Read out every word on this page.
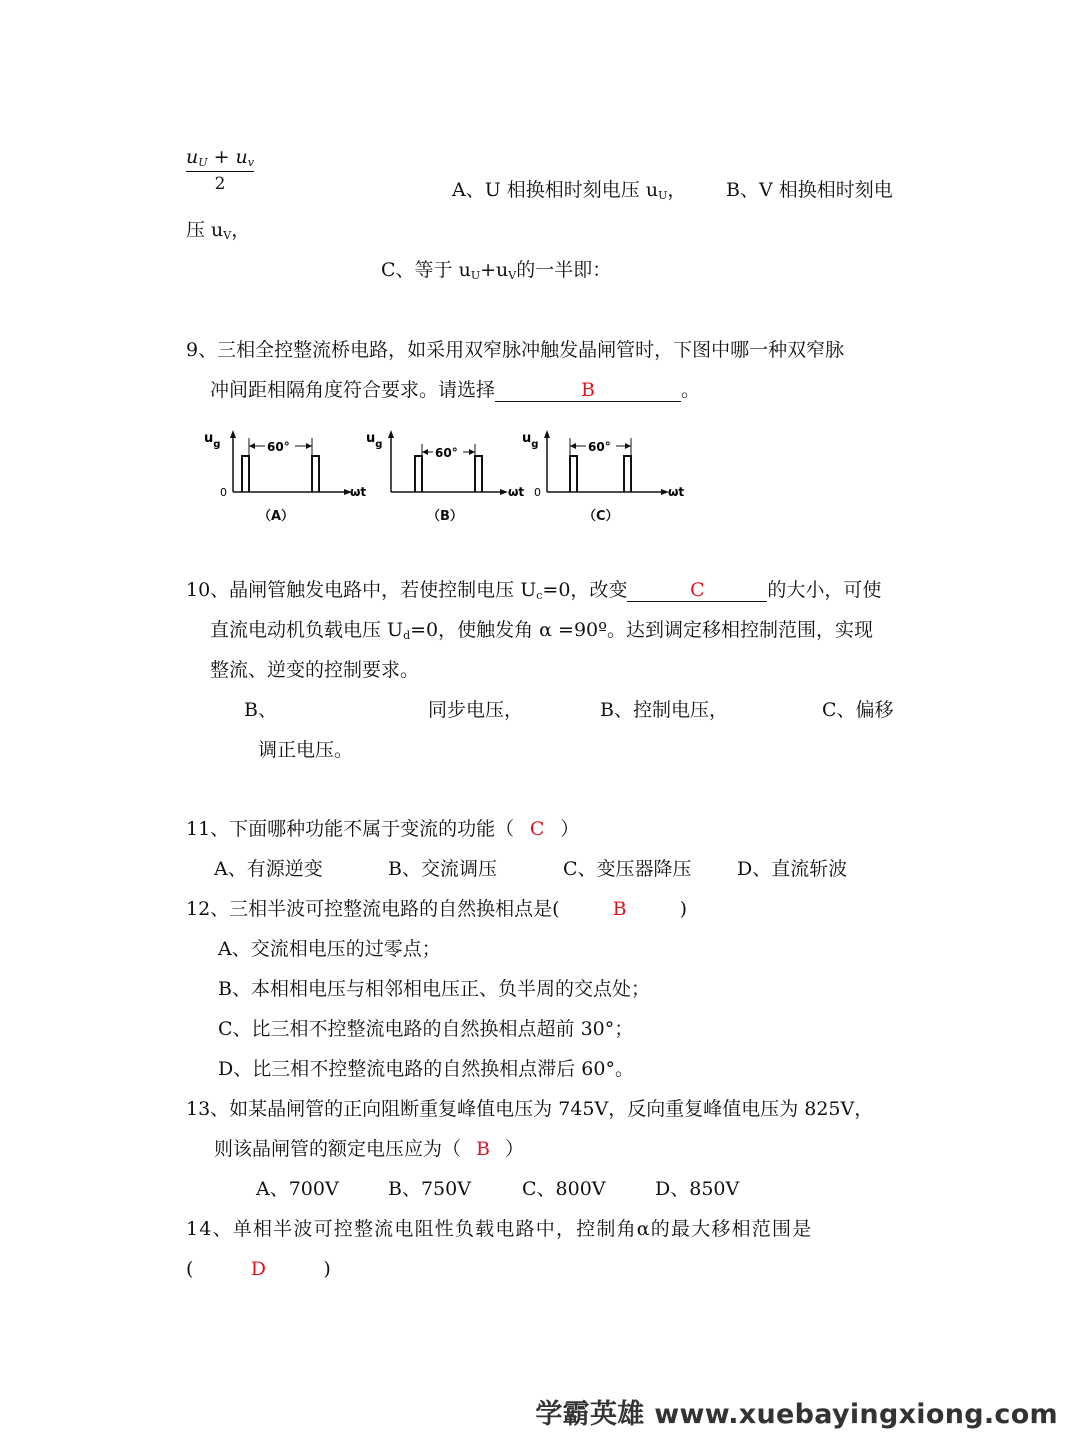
$\frac{u_U + u_v}{2}$	A、U 相换相时刻电压 $u_U$， B、V 相换相时刻电
压 $u_V$，
C、等于 $u_U+u_V$的一半即：
9、三相全控整流桥电路，如采用双窄脉冲触发晶闸管时，下图中哪一种双窄脉
冲间距相隔角度符合要求。请选择	B	。
$u_g$
0	ωt
60°
（A）
$u_g$
ωt
60°
（B）
$u_g$
0	ωt
60°
（C）
10、晶闸管触发电路中，若使控制电压 $U_c=0$，改变	C	的大小，可使
直流电动机负载电压 $U_d=0$，使触发角 α =90º。达到调定移相控制范围，实现
整流、逆变的控制要求。
B、	同步电压，	B、控制电压，	C、偏移
调正电压。
11、下面哪种功能不属于变流的功能（ C ）
A、有源逆变	B、交流调压	C、变压器降压 D、直流斩波
12、三相半波可控整流电路的自然换相点是(	B	)
A、交流相电压的过零点；
B、本相相电压与相邻相电压正、负半周的交点处；
C、比三相不控整流电路的自然换相点超前 30°；
D、比三相不控整流电路的自然换相点滞后 60°。
13、如某晶闸管的正向阻断重复峰值电压为 745V，反向重复峰值电压为 825V，
则该晶闸管的额定电压应为（ B ）
A、700V	B、750V	C、800V	D、850V
14、单相半波可控整流电阻性负载电路中，控制角α的最大移相范围是
(	D	)
学霸英雄 www.xuebayingxiong.com
